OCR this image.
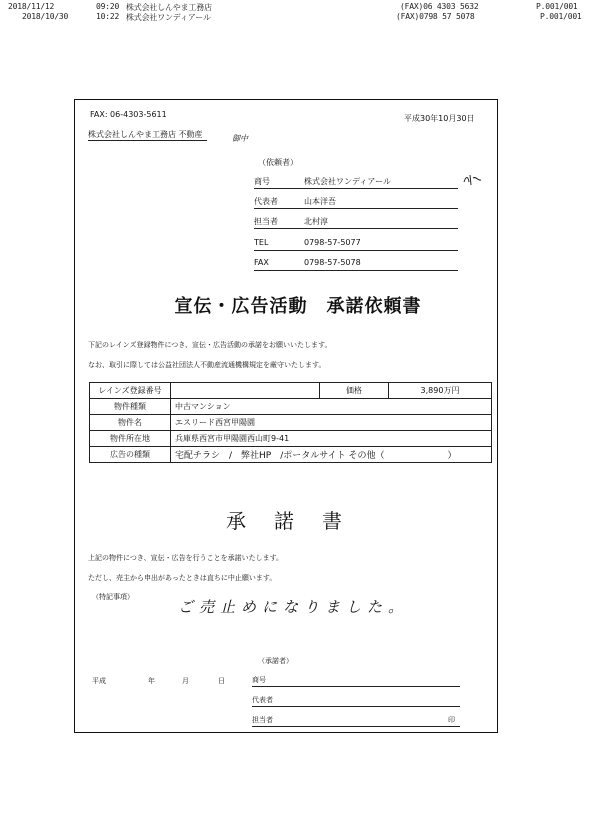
2018/11/12	09:20 株式会社しんやま工務店	(FAX)06 4303 5632	P.001/001
2018/10/30	10:22 株式会社ワンディアール	(FAX)0798 57 5078	P.001/001
FAX: 06-4303-5611	平成30年10月30日
株式会社しんやま工務店 不動産	御中
（依頼者）
商号	株式会社ワンディアール
代表者	山本洋吾
担当者	北村淳
TEL	0798-57-5077
FAX	0798-57-5078
宣伝・広告活動　承諾依頼書
下記のレインズ登録物件につき、宣伝・広告活動の承諾をお願いいたします。
なお、取引に際しては公益社団法人不動産流通機構規定を厳守いたします。
レインズ登録番号		価格	3,890万円
物件種類	中古マンション		
物件名	エスリード西宮甲陽園		
物件所在地	兵庫県西宮市甲陽園西山町9-41		
広告の種類	宅配チラシ　/　弊社HP　/ポータルサイト その他（　　　　　　　）		
承諾書
上記の物件につき、宣伝・広告を行うことを承諾いたします。
ただし、売主から申出があったときは直ちに中止願います。
（特記事項）
ご売止めになりました。
（承諾者）
平成	年	月	日	商号
代表者
担当者	印
